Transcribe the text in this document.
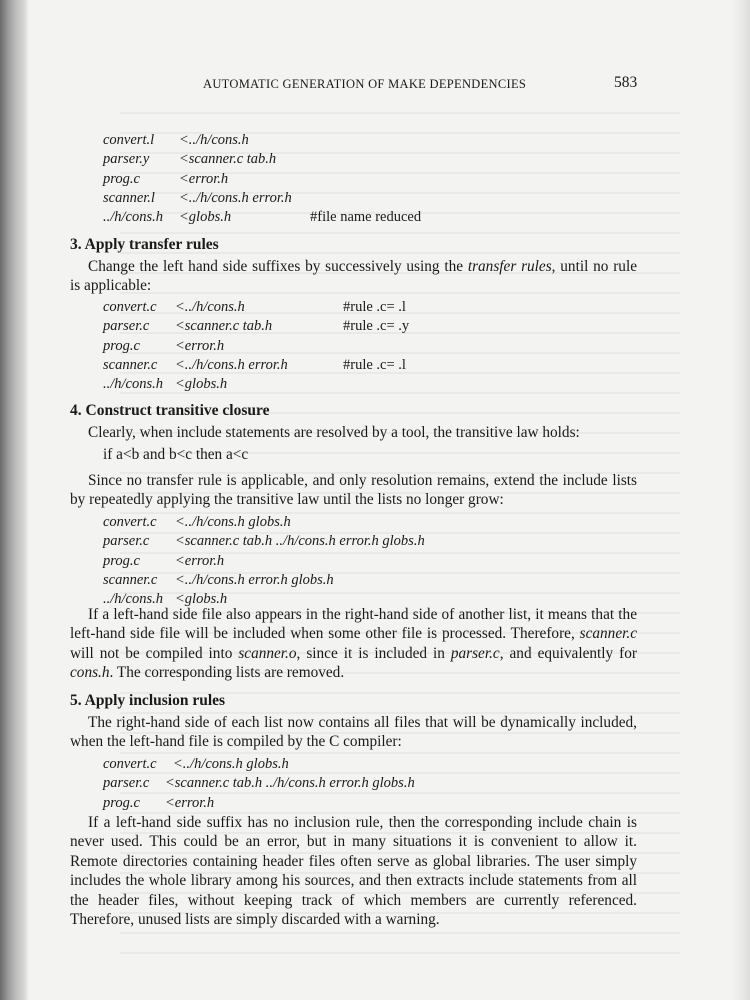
AUTOMATIC GENERATION OF MAKE DEPENDENCIES	583
convert.l <../h/cons.h
parser.y <scanner.c tab.h
prog.c	<error.h
scanner.l <../h/cons.h error.h
../h/cons.h <globs.h	#file name reduced
3. Apply transfer rules

Change the left hand side suffixes by successively using the transfer rules, until no rule is applicable:

convert.c <../h/cons.h	#rule .c= .l
parser.c <scanner.c tab.h	#rule .c= .y
prog.c <error.h
scanner.c <../h/cons.h error.h	#rule .c= .l
../h/cons.h <globs.h
4. Construct transitive closure

Clearly, when include statements are resolved by a tool, the transitive law holds:

if a<b and b<c then a<c

Since no transfer rule is applicable, and only resolution remains, extend the include lists by repeatedly applying the transitive law until the lists no longer grow:

convert.c <../h/cons.h globs.h
parser.c <scanner.c tab.h ../h/cons.h error.h globs.h
prog.c <error.h
scanner.c <../h/cons.h error.h globs.h
../h/cons.h <globs.h

If a left-hand side file also appears in the right-hand side of another list, it means that the left-hand side file will be included when some other file is processed. Therefore, scanner.c will not be compiled into scanner.o, since it is included in parser.c, and equivalently for cons.h. The corresponding lists are removed.

5. Apply inclusion rules

The right-hand side of each list now contains all files that will be dynamically included, when the left-hand file is compiled by the C compiler:

convert.c <../h/cons.h globs.h
parser.c <scanner.c tab.h ../h/cons.h error.h globs.h
prog.c <error.h

If a left-hand side suffix has no inclusion rule, then the corresponding include chain is never used. This could be an error, but in many situations it is convenient to allow it. Remote directories containing header files often serve as global libraries. The user simply includes the whole library among his sources, and then extracts include statements from all the header files, without keeping track of which members are currently referenced. Therefore, unused lists are simply discarded with a warning.
